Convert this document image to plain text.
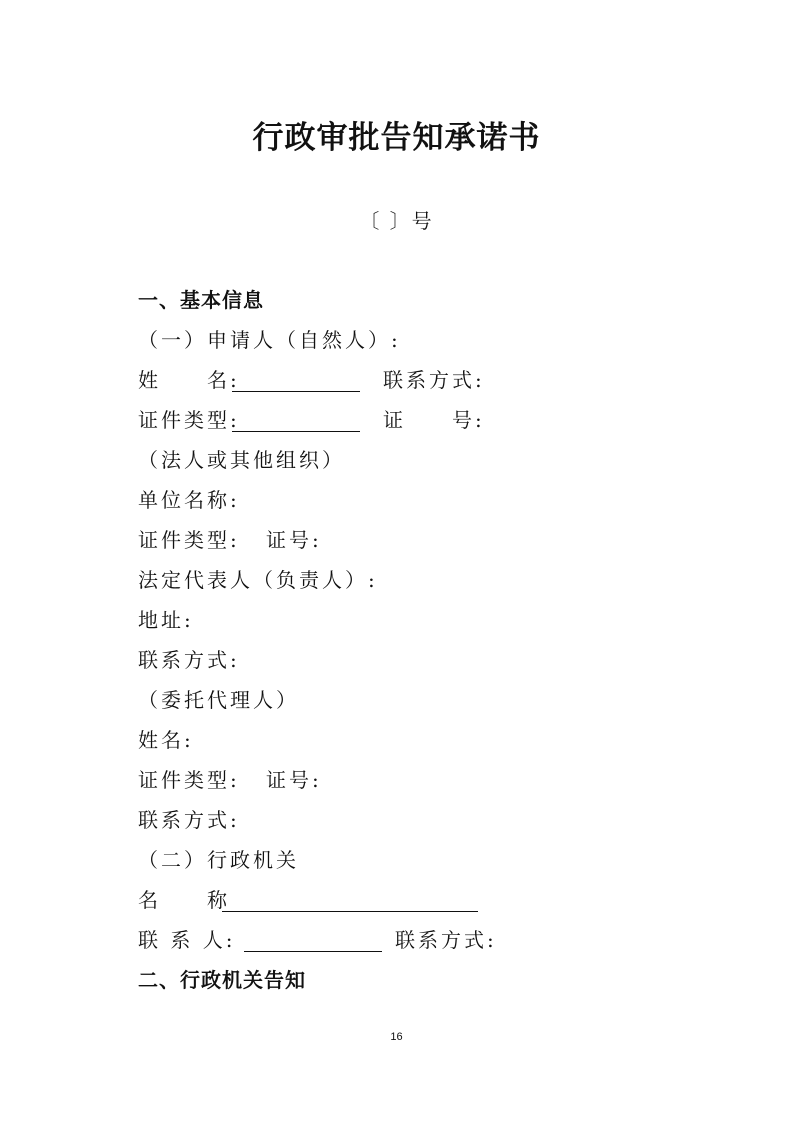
行政审批告知承诺书
〔 〕号
一、基本信息
（一）申请人（自然人）:
姓　　名:	联系方式:
证件类型:	证　　号:
（法人或其他组织）
单位名称:
证件类型: 证号:
法定代表人（负责人）:
地址:
联系方式:
（委托代理人）
姓名:
证件类型: 证号:
联系方式:
（二）行政机关
名　　称
联 系 人:	联系方式:
二、行政机关告知
16
